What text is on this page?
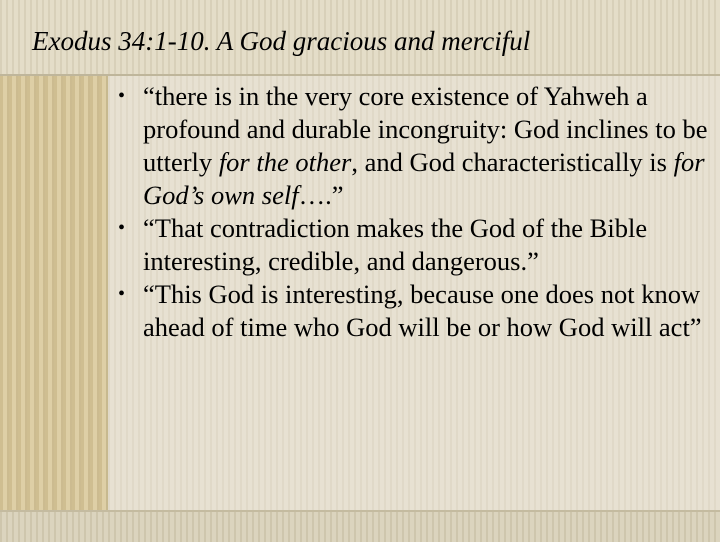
Exodus 34:1-10. A God gracious and merciful
• “there is in the very core existence of Yahweh a profound and durable incongruity: God inclines to be utterly for the other, and God characteristically is for God’s own self….”
• “That contradiction makes the God of the Bible interesting, credible, and dangerous.”
• “This God is interesting, because one does not know ahead of time who God will be or how God will act”
